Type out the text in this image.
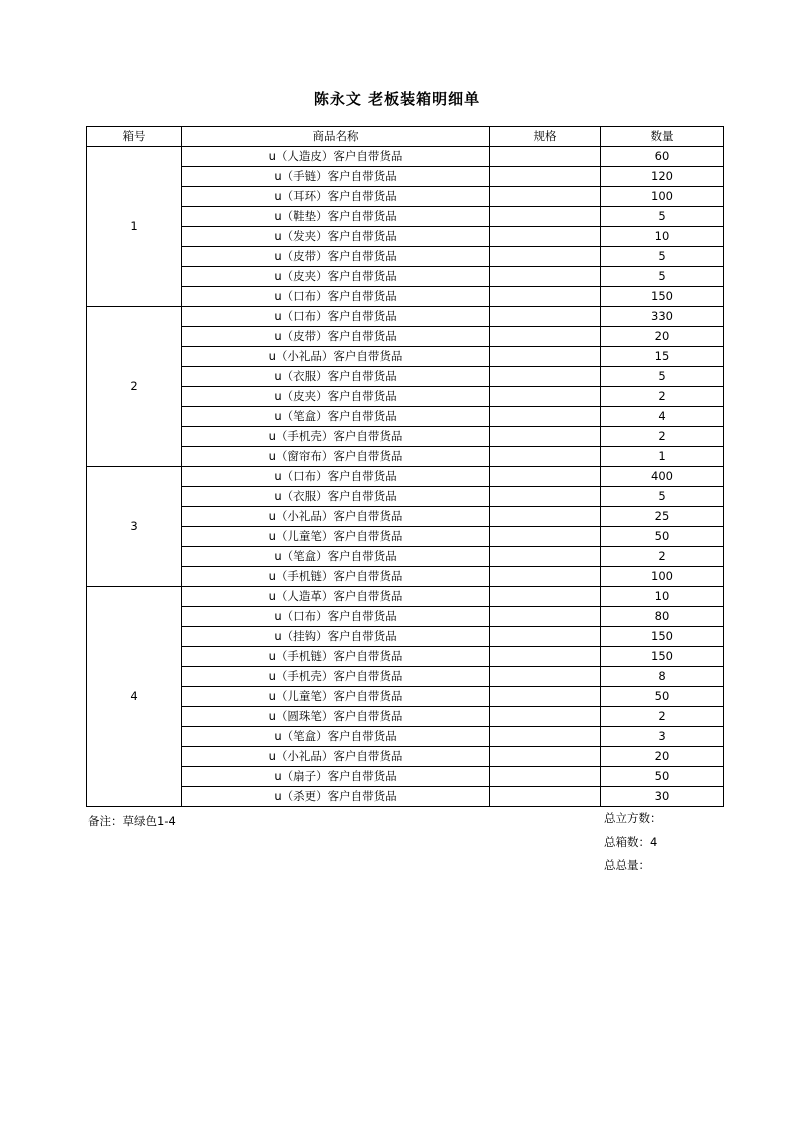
陈永文 老板装箱明细单
箱号	商品名称	规格	数量
1	u（人造皮）客户自带货品		60
	u（手链）客户自带货品		120
	u（耳环）客户自带货品		100
	u（鞋垫）客户自带货品		5
	u（发夹）客户自带货品		10
	u（皮带）客户自带货品		5
	u（皮夹）客户自带货品		5
	u（口布）客户自带货品		150
2	u（口布）客户自带货品		330
	u（皮带）客户自带货品		20
	u（小礼品）客户自带货品		15
	u（衣服）客户自带货品		5
	u（皮夹）客户自带货品		2
	u（笔盒）客户自带货品		4
	u（手机壳）客户自带货品		2
	u（窗帘布）客户自带货品		1
3	u（口布）客户自带货品		400
	u（衣服）客户自带货品		5
	u（小礼品）客户自带货品		25
	u（儿童笔）客户自带货品		50
	u（笔盒）客户自带货品		2
	u（手机链）客户自带货品		100
4	u（人造革）客户自带货品		10
	u（口布）客户自带货品		80
	u（挂钩）客户自带货品		150
	u（手机链）客户自带货品		150
	u（手机壳）客户自带货品		8
	u（儿童笔）客户自带货品		50
	u（圆珠笔）客户自带货品		2
	u（笔盒）客户自带货品		3
	u（小礼品）客户自带货品		20
	u（扇子）客户自带货品		50
	u（杀更）客户自带货品		30
备注：草绿色1-4	总立方数：
总箱数：4
总总量：
